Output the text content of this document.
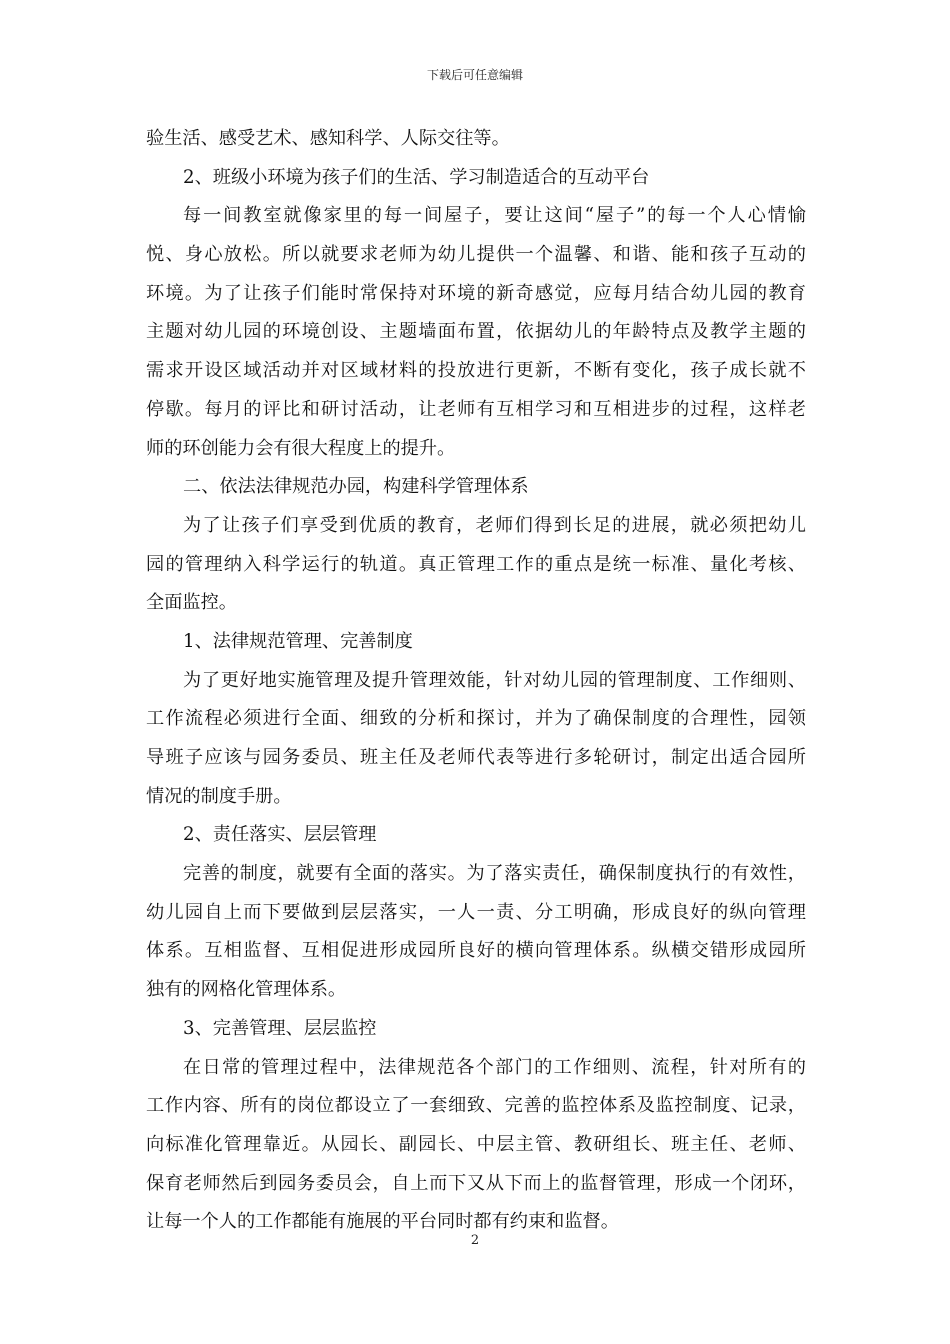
下载后可任意编辑
验生活、感受艺术、感知科学、人际交往等。
2、班级小环境为孩子们的生活、学习制造适合的互动平台
每一间教室就像家里的每一间屋子，要让这间“屋子”的每一个人心情愉
悦、身心放松。所以就要求老师为幼儿提供一个温馨、和谐、能和孩子互动的
环境。为了让孩子们能时常保持对环境的新奇感觉，应每月结合幼儿园的教育
主题对幼儿园的环境创设、主题墙面布置，依据幼儿的年龄特点及教学主题的
需求开设区域活动并对区域材料的投放进行更新，不断有变化，孩子成长就不
停歇。每月的评比和研讨活动，让老师有互相学习和互相进步的过程，这样老
师的环创能力会有很大程度上的提升。
二、依法法律规范办园，构建科学管理体系
为了让孩子们享受到优质的教育，老师们得到长足的进展，就必须把幼儿
园的管理纳入科学运行的轨道。真正管理工作的重点是统一标准、量化考核、
全面监控。
1、法律规范管理、完善制度
为了更好地实施管理及提升管理效能，针对幼儿园的管理制度、工作细则、
工作流程必须进行全面、细致的分析和探讨，并为了确保制度的合理性，园领
导班子应该与园务委员、班主任及老师代表等进行多轮研讨，制定出适合园所
情况的制度手册。
2、责任落实、层层管理
完善的制度，就要有全面的落实。为了落实责任，确保制度执行的有效性，
幼儿园自上而下要做到层层落实，一人一责、分工明确，形成良好的纵向管理
体系。互相监督、互相促进形成园所良好的横向管理体系。纵横交错形成园所
独有的网格化管理体系。
3、完善管理、层层监控
在日常的管理过程中，法律规范各个部门的工作细则、流程，针对所有的
工作内容、所有的岗位都设立了一套细致、完善的监控体系及监控制度、记录，
向标准化管理靠近。从园长、副园长、中层主管、教研组长、班主任、老师、
保育老师然后到园务委员会，自上而下又从下而上的监督管理，形成一个闭环，
让每一个人的工作都能有施展的平台同时都有约束和监督。
2
